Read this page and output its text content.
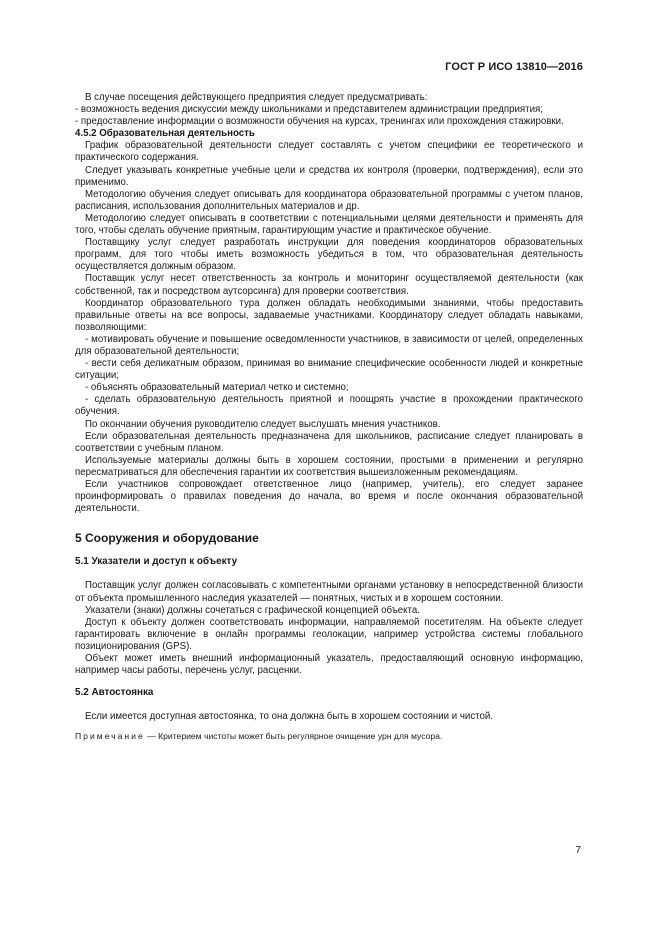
ГОСТ Р ИСО 13810—2016

В случае посещения действующего предприятия следует предусматривать:

- возможность ведения дискуссии между школьниками и представителем администрации предприятия;

- предоставление информации о возможности обучения на курсах, тренингах или прохождения стажировки.

4.5.2 Образовательная деятельность

График образовательной деятельности следует составлять с учетом специфики ее теоретического и практического содержания.

Следует указывать конкретные учебные цели и средства их контроля (проверки, подтверждения), если это применимо.

Методологию обучения следует описывать для координатора образовательной программы с учетом планов, расписания, использования дополнительных материалов и др.

Методологию следует описывать в соответствии с потенциальными целями деятельности и применять для того, чтобы сделать обучение приятным, гарантирующим участие и практическое обучение.

Поставщику услуг следует разработать инструкции для поведения координаторов образовательных программ, для того чтобы иметь возможность убедиться в том, что образовательная деятельность осуществляется должным образом.

Поставщик услуг несет ответственность за контроль и мониторинг осуществляемой деятельности (как собственной, так и посредством аутсорсинга) для проверки соответствия.

Координатор образовательного тура должен обладать необходимыми знаниями, чтобы предоставить правильные ответы на все вопросы, задаваемые участниками. Координатору следует обладать навыками, позволяющими:

- мотивировать обучение и повышение осведомленности участников, в зависимости от целей, определенных для образовательной деятельности;

- вести себя деликатным образом, принимая во внимание специфические особенности людей и конкретные ситуации;

- объяснять образовательный материал четко и системно;

- сделать образовательную деятельность приятной и поощрять участие в прохождении практического обучения.

По окончании обучения руководителю следует выслушать мнения участников.

Если образовательная деятельность предназначена для школьников, расписание следует планировать в соответствии с учебным планом.

Используемые материалы должны быть в хорошем состоянии, простыми в применении и регулярно пересматриваться для обеспечения гарантии их соответствия вышеизложенным рекомендациям.

Если участников сопровождает ответственное лицо (например, учитель), его следует заранее проинформировать о правилах поведения до начала, во время и после окончания образовательной деятельности.

5 Сооружения и оборудование
5.1 Указатели и доступ к объекту

Поставщик услуг должен согласовывать с компетентными органами установку в непосредственной близости от объекта промышленного наследия указателей — понятных, чистых и в хорошем состоянии.

Указатели (знаки) должны сочетаться с графической концепцией объекта.

Доступ к объекту должен соответствовать информации, направляемой посетителям. На объекте следует гарантировать включение в онлайн программы геолокации, например устройства системы глобального позиционирования (GPS).

Объект может иметь внешний информационный указатель, предоставляющий основную информацию, например часы работы, перечень услуг, расценки.

5.2 Автостоянка

Если имеется доступная автостоянка, то она должна быть в хорошем состоянии и чистой.

Примечание — Критерием чистоты может быть регулярное очищение урн для мусора.

7
